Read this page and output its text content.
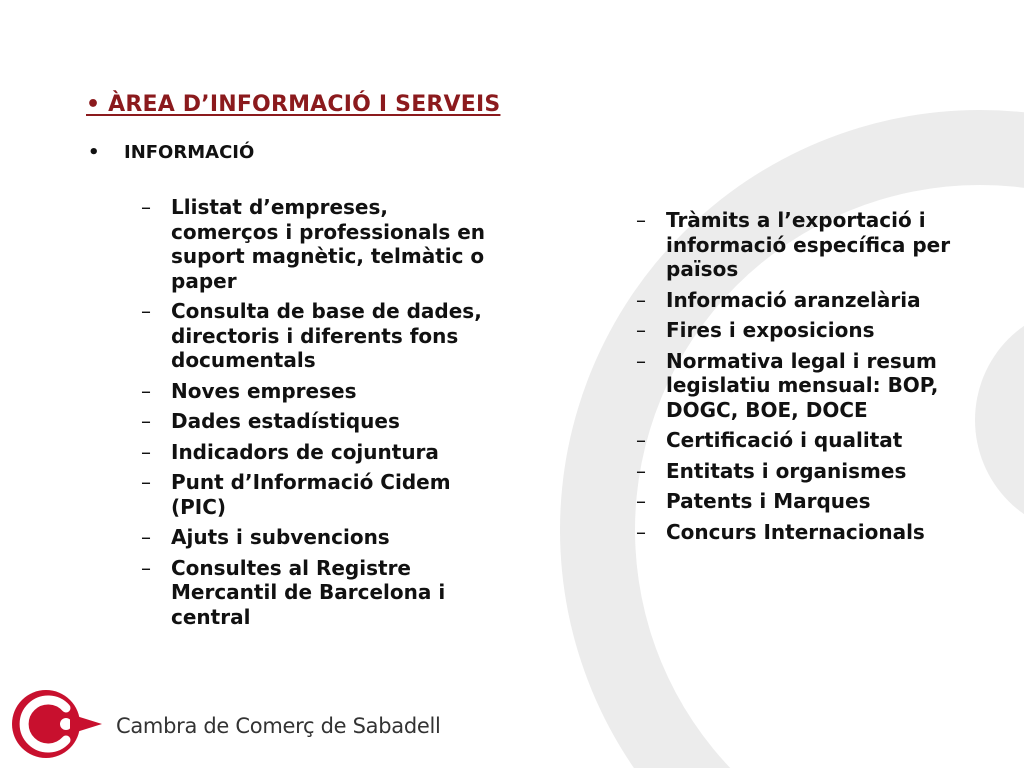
• ÀREA D’INFORMACIÓ I SERVEIS
• INFORMACIÓ
– Llistat d’empreses, comerços i professionals en suport magnètic, telmàtic o paper
– Consulta de base de dades, directoris i diferents fons documentals
– Noves empreses
– Dades estadístiques
– Indicadors de cojuntura
– Punt d’Informació Cidem (PIC)
– Ajuts i subvencions
– Consultes al Registre Mercantil de Barcelona i central
– Tràmits a l’exportació i informació específica per països
– Informació aranzelària
– Fires i exposicions
– Normativa legal i resum legislatiu mensual: BOP, DOGC, BOE, DOCE
– Certificació i qualitat
– Entitats i organismes
– Patents i Marques
– Concurs Internacionals
Cambra de Comerç de Sabadell
